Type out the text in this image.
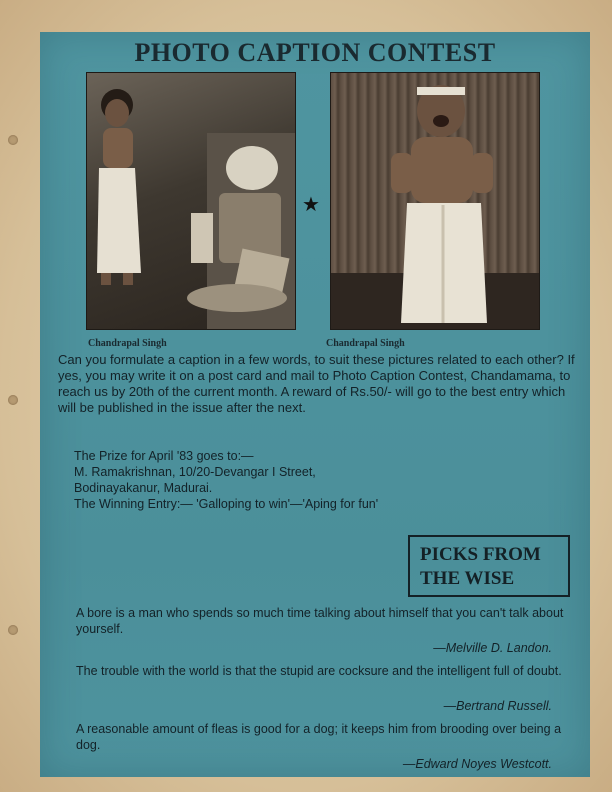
PHOTO CAPTION CONTEST
★
Chandrapal Singh	Chandrapal Singh

Can you formulate a caption in a few words, to suit these pictures related to each other? If yes, you may write it on a post card and mail to Photo Caption Contest, Chandamama, to reach us by 20th of the current month. A reward of Rs.50/- will go to the best entry which will be published in the issue after the next.

The Prize for April '83 goes to:—
M. Ramakrishnan, 10/20-Devangar I Street,
Bodinayakanur, Madurai.
The Winning Entry:— 'Galloping to win'—'Aping for fun'
PICKS FROM
THE WISE

A bore is a man who spends so much time talking about himself that you can't talk about yourself.

—Melville D. Landon.

The trouble with the world is that the stupid are cocksure and the intelligent full of doubt.

—Bertrand Russell.

A reasonable amount of fleas is good for a dog; it keeps him from brooding over being a dog.

—Edward Noyes Westcott.
